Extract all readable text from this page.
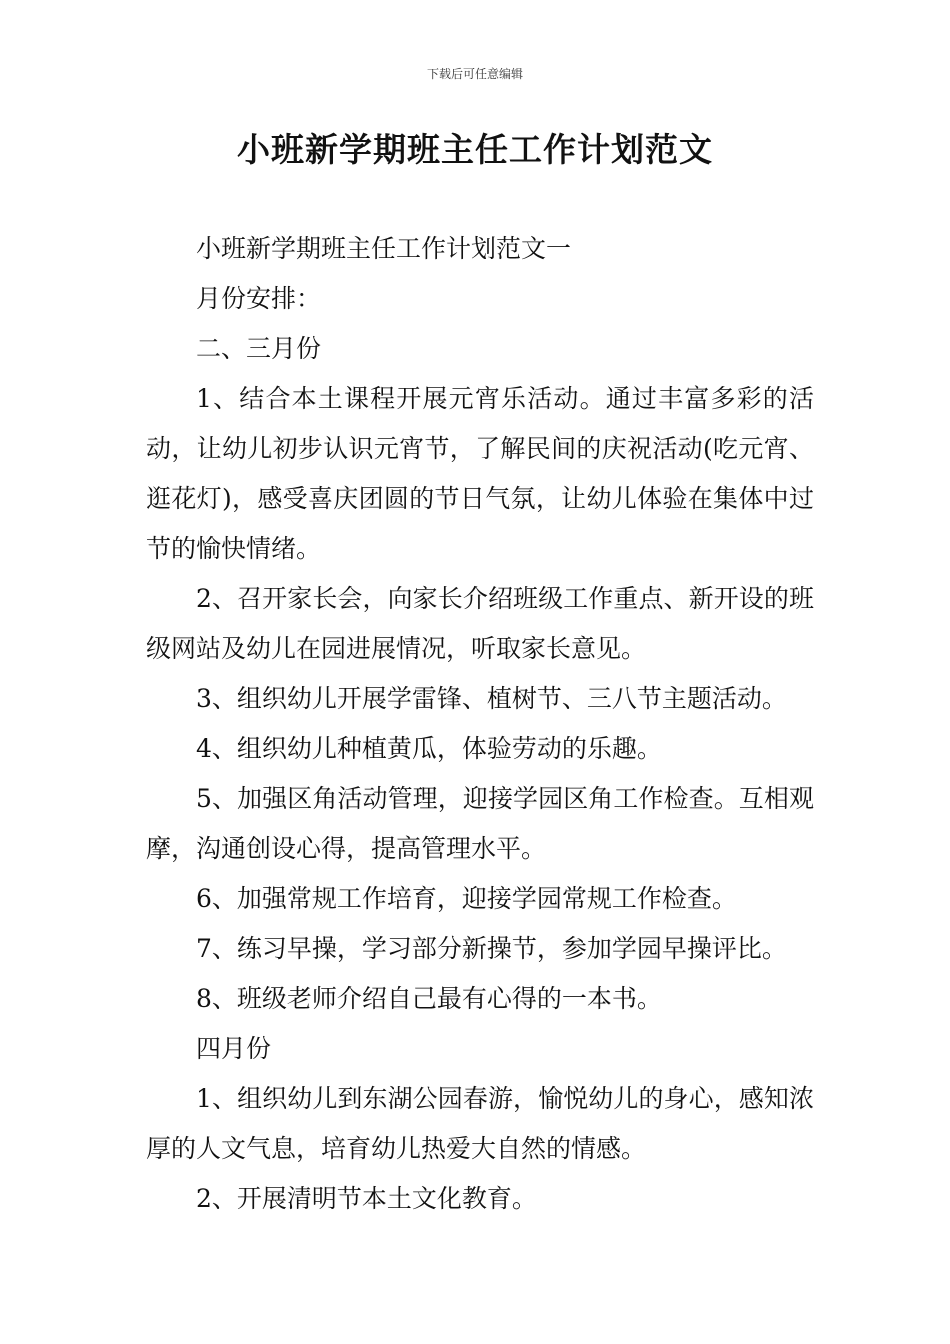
下载后可任意编辑
小班新学期班主任工作计划范文

小班新学期班主任工作计划范文一

月份安排：

二、三月份

1、结合本土课程开展元宵乐活动。通过丰富多彩的活动，让幼儿初步认识元宵节，了解民间的庆祝活动(吃元宵、逛花灯)，感受喜庆团圆的节日气氛，让幼儿体验在集体中过节的愉快情绪。

2、召开家长会，向家长介绍班级工作重点、新开设的班级网站及幼儿在园进展情况，听取家长意见。

3、组织幼儿开展学雷锋、植树节、三八节主题活动。

4、组织幼儿种植黄瓜，体验劳动的乐趣。

5、加强区角活动管理，迎接学园区角工作检查。互相观摩，沟通创设心得，提高管理水平。

6、加强常规工作培育，迎接学园常规工作检查。

7、练习早操，学习部分新操节，参加学园早操评比。

8、班级老师介绍自己最有心得的一本书。

四月份

1、组织幼儿到东湖公园春游，愉悦幼儿的身心，感知浓厚的人文气息，培育幼儿热爱大自然的情感。

2、开展清明节本土文化教育。
